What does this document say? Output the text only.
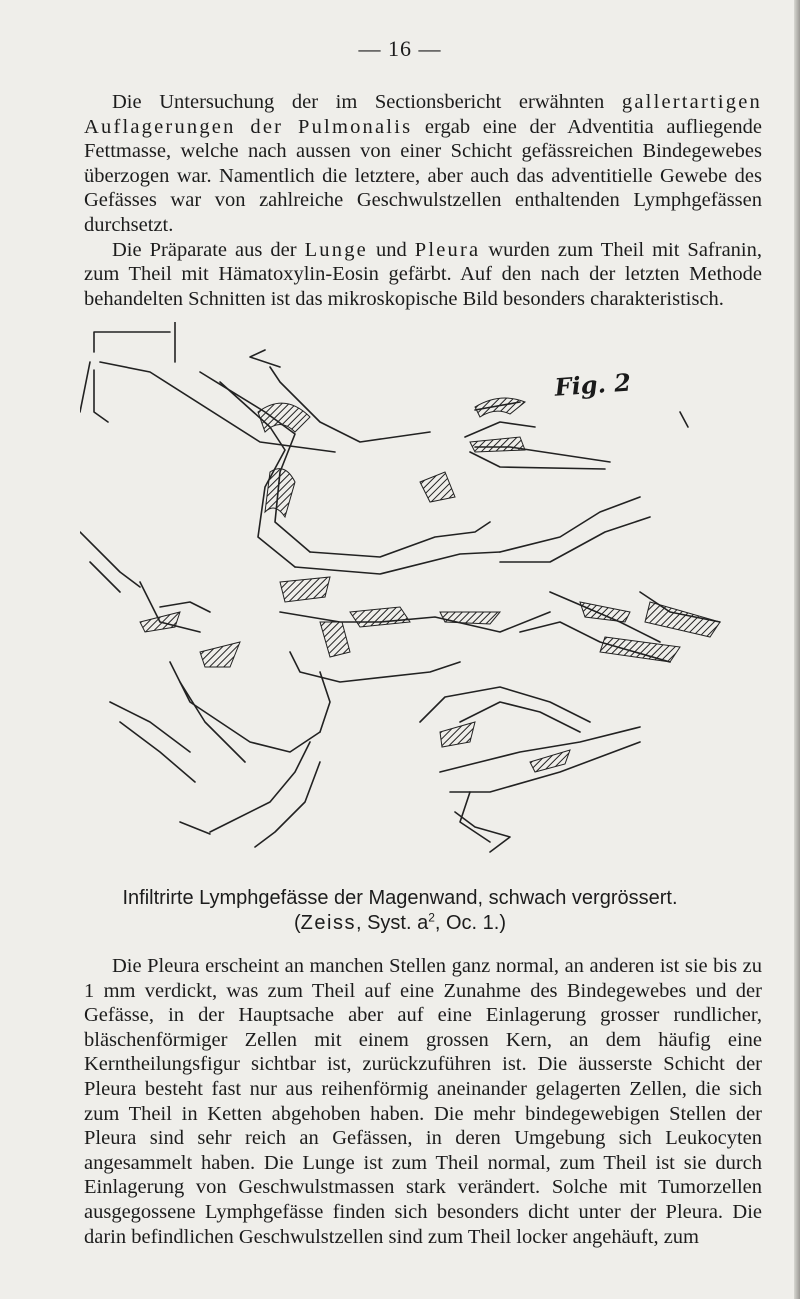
— 16 —

Die Untersuchung der im Sectionsbericht erwähnten gallertartigen Auflagerungen der Pulmonalis ergab eine der Adventitia aufliegende Fettmasse, welche nach aussen von einer Schicht gefässreichen Bindegewebes überzogen war. Namentlich die letztere, aber auch das adventitielle Gewebe des Gefässes war von zahlreiche Geschwulstzellen enthaltenden Lymphgefässen durchsetzt.

Die Präparate aus der Lunge und Pleura wurden zum Theil mit Safranin, zum Theil mit Hämatoxylin-Eosin gefärbt. Auf den nach der letzten Methode behandelten Schnitten ist das mikroskopische Bild besonders charakteristisch.

Fig. 2
Infiltrirte Lymphgefässe der Magenwand, schwach vergrössert.
(Zeiss, Syst. $a^2$, Oc. 1.)

Die Pleura erscheint an manchen Stellen ganz normal, an anderen ist sie bis zu 1 mm verdickt, was zum Theil auf eine Zunahme des Bindegewebes und der Gefässe, in der Hauptsache aber auf eine Einlagerung grosser rundlicher, bläschenförmiger Zellen mit einem grossen Kern, an dem häufig eine Kerntheilungsfigur sichtbar ist, zurückzuführen ist. Die äusserste Schicht der Pleura besteht fast nur aus reihenförmig aneinander gelagerten Zellen, die sich zum Theil in Ketten abgehoben haben. Die mehr bindegewebigen Stellen der Pleura sind sehr reich an Gefässen, in deren Umgebung sich Leukocyten angesammelt haben. Die Lunge ist zum Theil normal, zum Theil ist sie durch Einlagerung von Geschwulstmassen stark verändert. Solche mit Tumorzellen ausgegossene Lymphgefässe finden sich besonders dicht unter der Pleura. Die darin befindlichen Geschwulstzellen sind zum Theil locker angehäuft, zum
